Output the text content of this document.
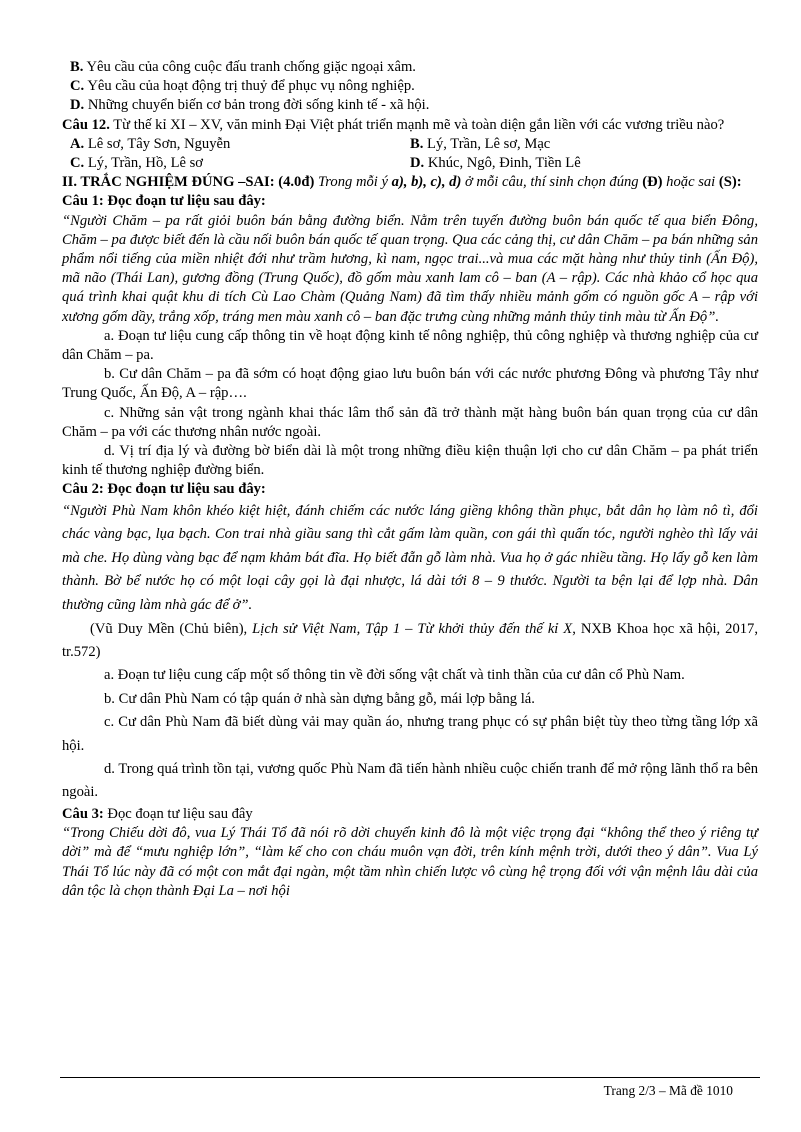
B. Yêu cầu của công cuộc đấu tranh chống giặc ngoại xâm.

C. Yêu cầu của hoạt động trị thuỷ để phục vụ nông nghiệp.

D. Những chuyển biến cơ bản trong đời sống kinh tế - xã hội.

Câu 12. Từ thế kỉ XI – XV, văn minh Đại Việt phát triển mạnh mẽ và toàn diện gắn liền với các vương triều nào?

A. Lê sơ, Tây Sơn, Nguyễn	B. Lý, Trần, Lê sơ, Mạc
C. Lý, Trần, Hồ, Lê sơ	D. Khúc, Ngô, Đinh, Tiền Lê

II. TRẮC NGHIỆM ĐÚNG –SAI: (4.0đ) Trong mỗi ý a), b), c), d) ở mỗi câu, thí sinh chọn đúng (Đ) hoặc sai (S):

Câu 1: Đọc đoạn tư liệu sau đây:

“Người Chăm – pa rất giỏi buôn bán bằng đường biển. Nằm trên tuyến đường buôn bán quốc tế qua biển Đông, Chăm – pa được biết đến là cầu nối buôn bán quốc tế quan trọng. Qua các cảng thị, cư dân Chăm – pa bán những sản phẩm nổi tiếng của miền nhiệt đới như trầm hương, kì nam, ngọc trai...và mua các mặt hàng như thủy tinh (Ấn Độ), mã não (Thái Lan), gương đồng (Trung Quốc), đồ gốm màu xanh lam cô – ban (A – rập). Các nhà khảo cổ học qua quá trình khai quật khu di tích Cù Lao Chàm (Quảng Nam) đã tìm thấy nhiều mảnh gốm có nguồn gốc A – rập với xương gốm dầy, trắng xốp, tráng men màu xanh cô – ban đặc trưng cùng những mảnh thủy tinh màu từ Ấn Độ”.

a. Đoạn tư liệu cung cấp thông tin về hoạt động kinh tế nông nghiệp, thủ công nghiệp và thương nghiệp của cư dân Chăm – pa.

b. Cư dân Chăm – pa đã sớm có hoạt động giao lưu buôn bán với các nước phương Đông và phương Tây như Trung Quốc, Ấn Độ, A – rập….

c. Những sản vật trong ngành khai thác lâm thổ sản đã trở thành mặt hàng buôn bán quan trọng của cư dân Chăm – pa với các thương nhân nước ngoài.

d. Vị trí địa lý và đường bờ biển dài là một trong những điều kiện thuận lợi cho cư dân Chăm – pa phát triển kinh tế thương nghiệp đường biển.

Câu 2: Đọc đoạn tư liệu sau đây:

“Người Phù Nam khôn khéo kiệt hiệt, đánh chiếm các nước láng giềng không thần phục, bắt dân họ làm nô tì, đổi chác vàng bạc, lụa bạch. Con trai nhà giầu sang thì cắt gấm làm quần, con gái thì quấn tóc, người nghèo thì lấy vải mà che. Họ dùng vàng bạc để nạm khảm bát đĩa. Họ biết đẵn gỗ làm nhà. Vua họ ở gác nhiều tầng. Họ lấy gỗ ken làm thành. Bờ bể nước họ có một loại cây gọi là đại nhược, lá dài tới 8 – 9 thước. Người ta bện lại để lợp nhà. Dân thường cũng làm nhà gác để ở”.

(Vũ Duy Mền (Chủ biên), Lịch sử Việt Nam, Tập 1 – Từ khởi thủy đến thế kỉ X, NXB Khoa học xã hội, 2017, tr.572)

a. Đoạn tư liệu cung cấp một số thông tin về đời sống vật chất và tinh thần của cư dân cổ Phù Nam.

b. Cư dân Phù Nam có tập quán ở nhà sàn dựng bằng gỗ, mái lợp bằng lá.

c. Cư dân Phù Nam đã biết dùng vải may quần áo, nhưng trang phục có sự phân biệt tùy theo từng tầng lớp xã hội.

d. Trong quá trình tồn tại, vương quốc Phù Nam đã tiến hành nhiều cuộc chiến tranh để mở rộng lãnh thổ ra bên ngoài.

Câu 3: Đọc đoạn tư liệu sau đây

“Trong Chiếu dời đô, vua Lý Thái Tổ đã nói rõ dời chuyển kinh đô là một việc trọng đại “không thể theo ý riêng tự dời” mà để “mưu nghiệp lớn”, “làm kế cho con cháu muôn vạn đời, trên kính mệnh trời, dưới theo ý dân”. Vua Lý Thái Tổ lúc này đã có một con mắt đại ngàn, một tầm nhìn chiến lược vô cùng hệ trọng đối với vận mệnh lâu dài của dân tộc là chọn thành Đại La – nơi hội

Trang 2/3 – Mã đề 1010
